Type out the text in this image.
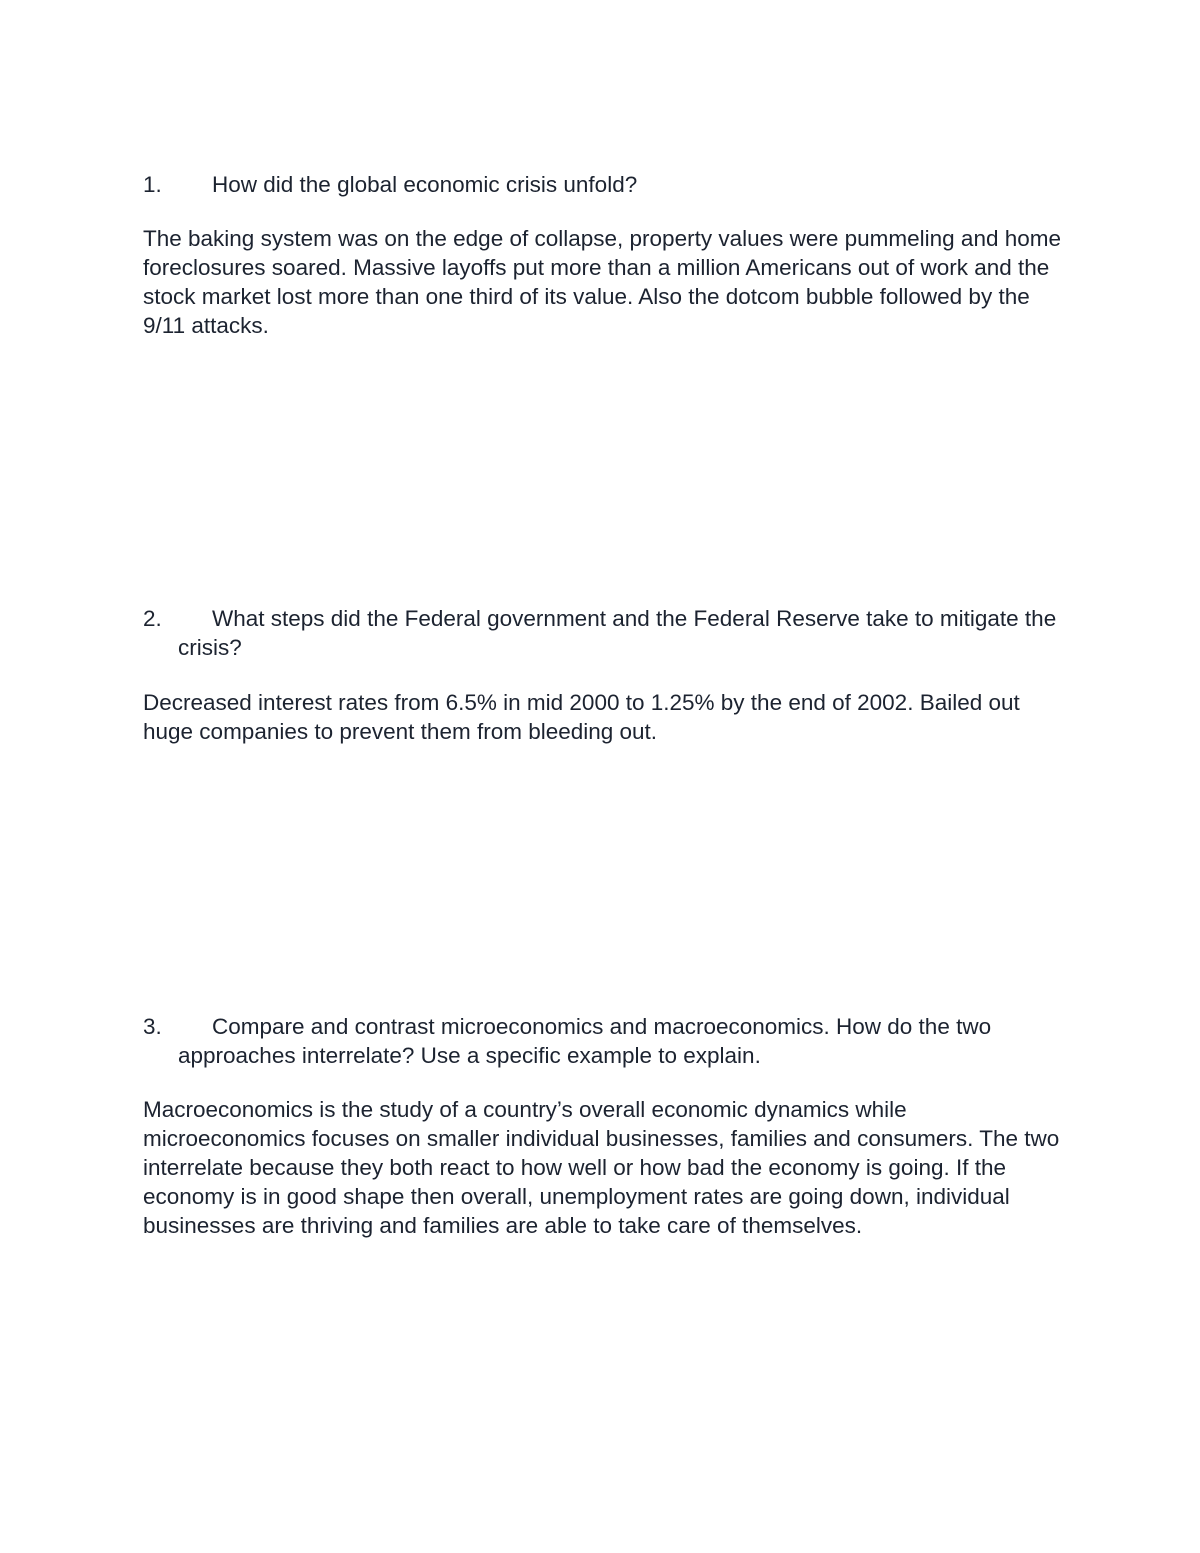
1.	How did the global economic crisis unfold?

The baking system was on the edge of collapse, property values were pummeling and home foreclosures soared. Massive layoffs put more than a million Americans out of work and the stock market lost more than one third of its value. Also the dotcom bubble followed by the 9/11 attacks.

2.	What steps did the Federal government and the Federal Reserve take to mitigate the crisis?

Decreased interest rates from 6.5% in mid 2000 to 1.25% by the end of 2002. Bailed out huge companies to prevent them from bleeding out.

3.	Compare and contrast microeconomics and macroeconomics. How do the two approaches interrelate? Use a specific example to explain.

Macroeconomics is the study of a country’s overall economic dynamics while microeconomics focuses on smaller individual businesses, families and consumers. The two interrelate because they both react to how well or how bad the economy is going. If the economy is in good shape then overall, unemployment rates are going down, individual businesses are thriving and families are able to take care of themselves.
